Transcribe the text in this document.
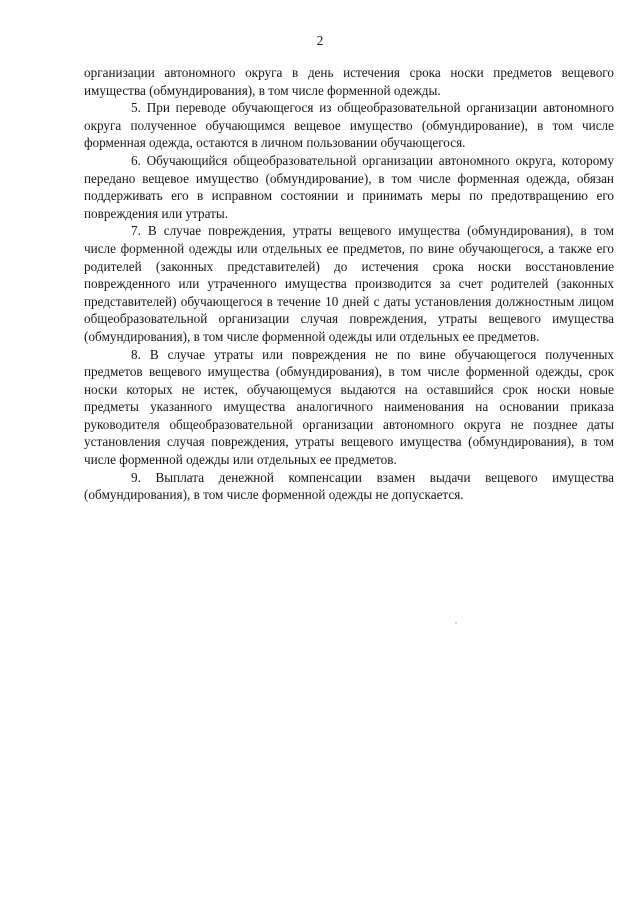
2

организации автономного округа в день истечения срока носки предметов вещевого имущества (обмундирования), в том числе форменной одежды.

5. При переводе обучающегося из общеобразовательной организации автономного округа полученное обучающимся вещевое имущество (обмундирование), в том числе форменная одежда, остаются в личном пользовании обучающегося.

6. Обучающийся общеобразовательной организации автономного округа, которому передано вещевое имущество (обмундирование), в том числе форменная одежда, обязан поддерживать его в исправном состоянии и принимать меры по предотвращению его повреждения или утраты.

7. В случае повреждения, утраты вещевого имущества (обмундирования), в том числе форменной одежды или отдельных ее предметов, по вине обучающегося, а также его родителей (законных представителей) до истечения срока носки восстановление поврежденного или утраченного имущества производится за счет родителей (законных представителей) обучающегося в течение 10 дней с даты установления должностным лицом общеобразовательной организации случая повреждения, утраты вещевого имущества (обмундирования), в том числе форменной одежды или отдельных ее предметов.

8. В случае утраты или повреждения не по вине обучающегося полученных предметов вещевого имущества (обмундирования), в том числе форменной одежды, срок носки которых не истек, обучающемуся выдаются на оставшийся срок носки новые предметы указанного имущества аналогичного наименования на основании приказа руководителя общеобразовательной организации автономного округа не позднее даты установления случая повреждения, утраты вещевого имущества (обмундирования), в том числе форменной одежды или отдельных ее предметов.

9. Выплата денежной компенсации взамен выдачи вещевого имущества (обмундирования), в том числе форменной одежды не допускается.
